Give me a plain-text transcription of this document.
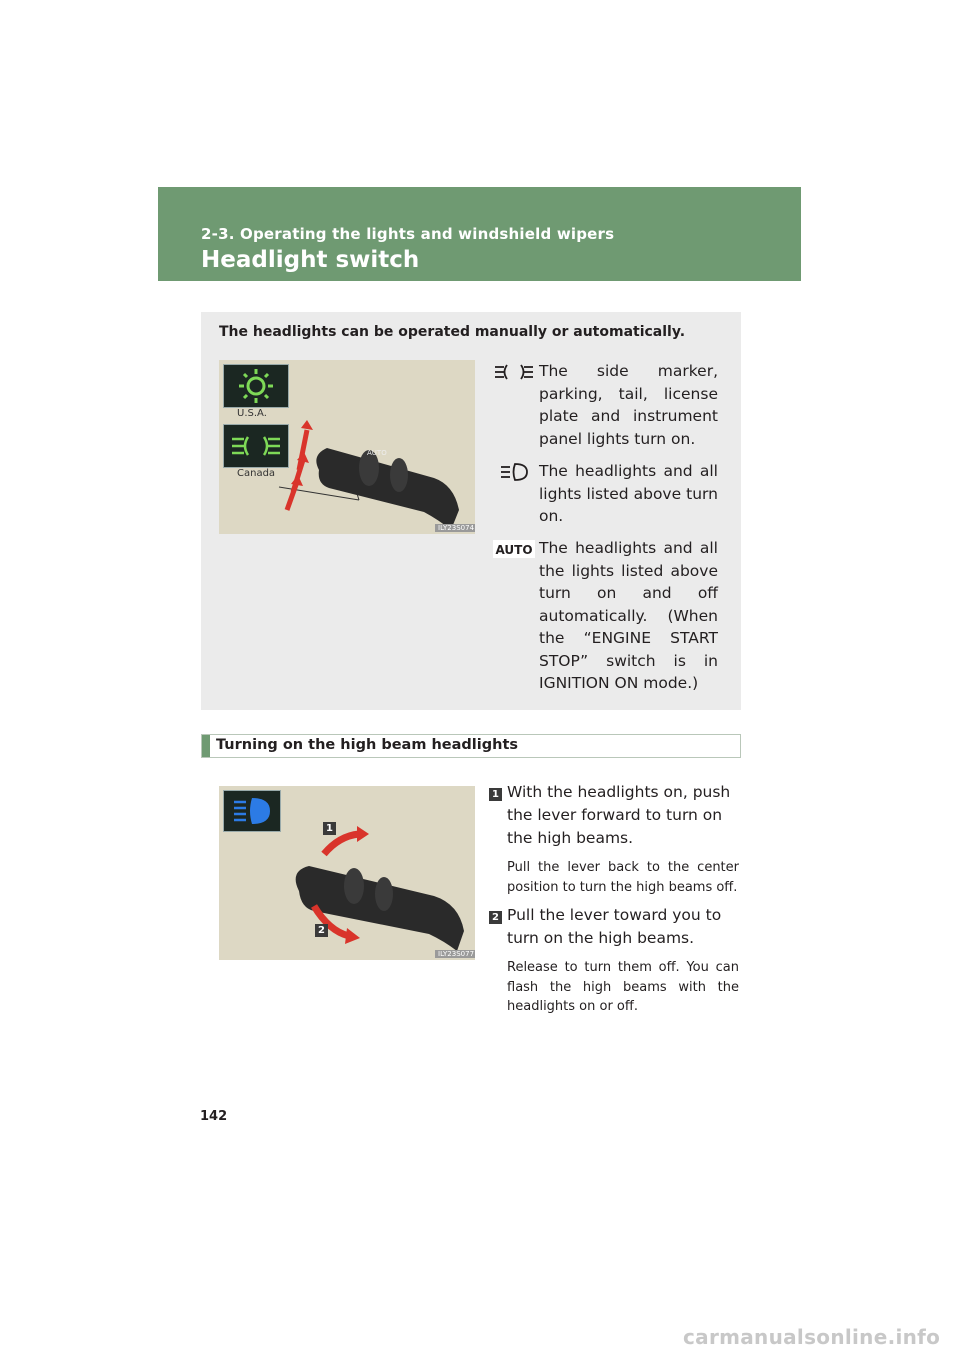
2-3. Operating the lights and windshield wipers
Headlight switch
The headlights can be operated manually or automatically.
U.S.A.
Canada
AUTO
ILY23S074
The side marker, parking, tail, license plate and instrument panel lights turn on.
The headlights and all lights listed above turn on.
AUTO The headlights and all the lights listed above turn on and off automatically. (When the “ENGINE START STOP” switch is in IGNITION ON mode.)
Turning on the high beam headlights
1
2
ILY23S077
1 With the headlights on, push the lever forward to turn on the high beams.
Pull the lever back to the center position to turn the high beams off.
2 Pull the lever toward you to turn on the high beams.
Release to turn them off. You can flash the high beams with the headlights on or off.
142
carmanualsonline.info
